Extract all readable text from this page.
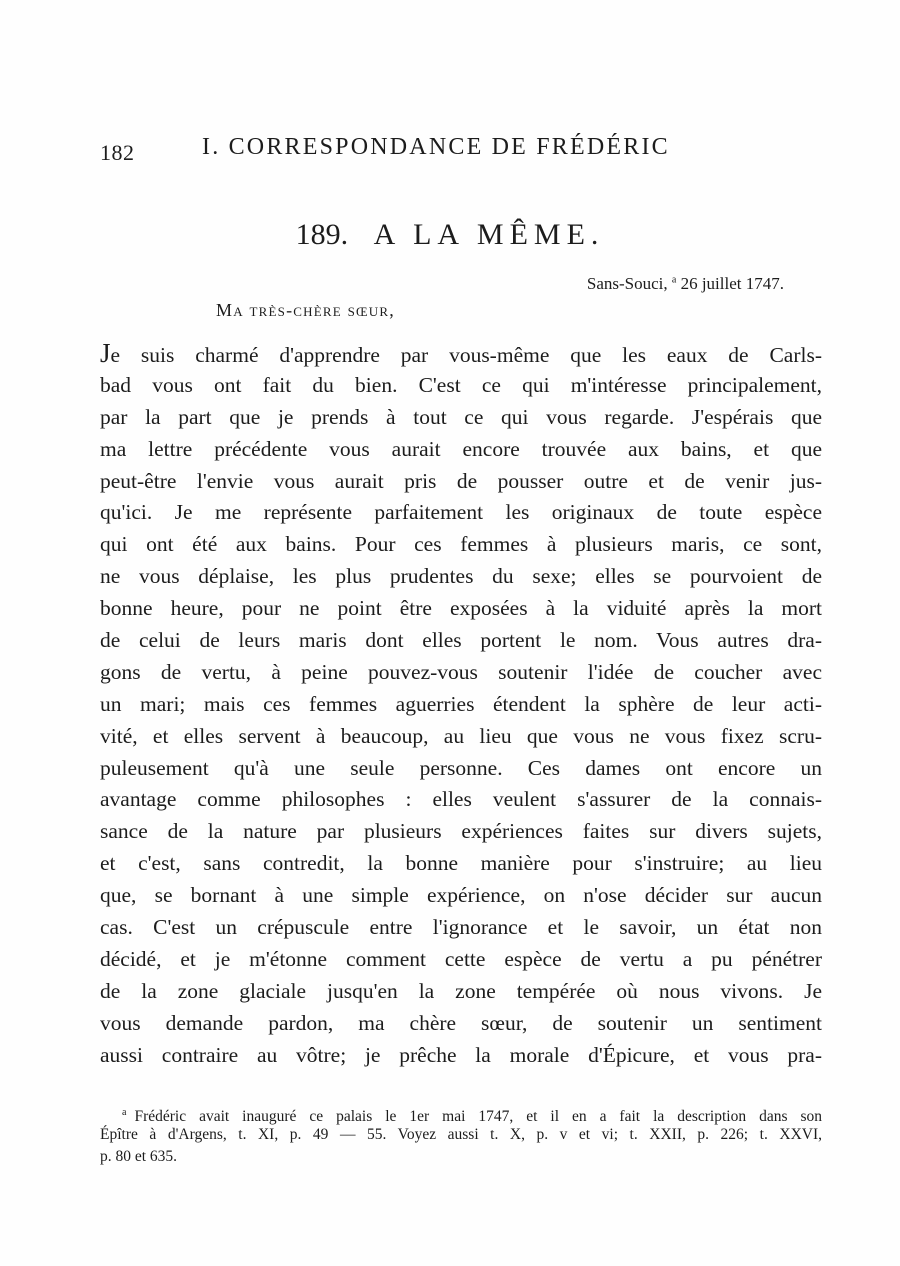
182	I. CORRESPONDANCE DE FRÉDÉRIC
189. A LA MÊME.
Sans-Souci, $^a$ 26 juillet 1747.
Ma très-chère sœur,
Je suis charmé d'apprendre par vous-même que les eaux de Carls-
bad vous ont fait du bien. C'est ce qui m'intéresse principalement,
par la part que je prends à tout ce qui vous regarde. J'espérais que
ma lettre précédente vous aurait encore trouvée aux bains, et que
peut-être l'envie vous aurait pris de pousser outre et de venir jus-
qu'ici. Je me représente parfaitement les originaux de toute espèce
qui ont été aux bains. Pour ces femmes à plusieurs maris, ce sont,
ne vous déplaise, les plus prudentes du sexe; elles se pourvoient de
bonne heure, pour ne point être exposées à la viduité après la mort
de celui de leurs maris dont elles portent le nom. Vous autres dra-
gons de vertu, à peine pouvez-vous soutenir l'idée de coucher avec
un mari; mais ces femmes aguerries étendent la sphère de leur acti-
vité, et elles servent à beaucoup, au lieu que vous ne vous fixez scru-
puleusement qu'à une seule personne. Ces dames ont encore un
avantage comme philosophes : elles veulent s'assurer de la connais-
sance de la nature par plusieurs expériences faites sur divers sujets,
et c'est, sans contredit, la bonne manière pour s'instruire; au lieu
que, se bornant à une simple expérience, on n'ose décider sur aucun
cas. C'est un crépuscule entre l'ignorance et le savoir, un état non
décidé, et je m'étonne comment cette espèce de vertu a pu pénétrer
de la zone glaciale jusqu'en la zone tempérée où nous vivons. Je
vous demande pardon, ma chère sœur, de soutenir un sentiment
aussi contraire au vôtre; je prêche la morale d'Épicure, et vous pra-
$^a$ Frédéric avait inauguré ce palais le 1er mai 1747, et il en a fait la description dans son
Épître à d'Argens, t. XI, p. 49 — 55. Voyez aussi t. X, p. v et vi; t. XXII, p. 226; t. XXVI,
p. 80 et 635.
